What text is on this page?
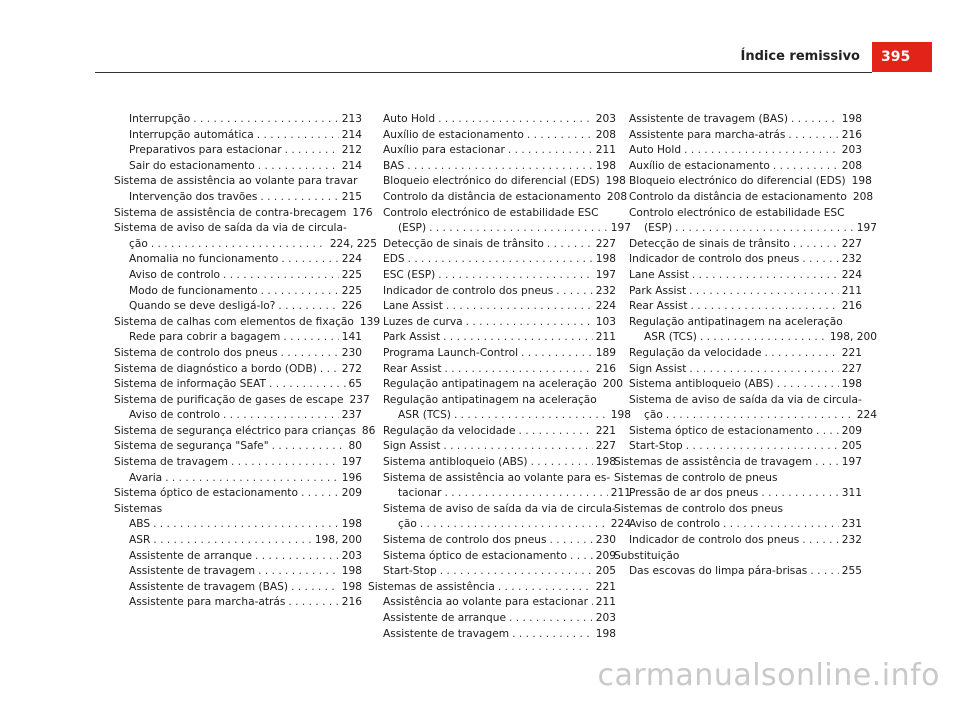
Índice remissivo	395
Interrupção . . .	213
Interrupção automática . . .	214
Preparativos para estacionar . . .	212
Sair do estacionamento . . .	214
Sistema de assistência ao volante para travar
Intervenção dos travões . . .	215
Sistema de assistência de contra-brecagem 176
Sistema de aviso de saída da via de circula-
ção . . .	224, 225
Anomalia no funcionamento . . .	224
Aviso de controlo . . .	225
Modo de funcionamento . . .	225
Quando se deve desligá-lo? . . .	226
Sistema de calhas com elementos de fixação 139
Rede para cobrir a bagagem . . .	141
Sistema de controlo dos pneus . . .	230
Sistema de diagnóstico a bordo (ODB) . . . 272
Sistema de informação SEAT . . .	65
Sistema de purificação de gases de escape 237
Aviso de controlo . . .	237
Sistema de segurança eléctrico para crianças 86
Sistema de segurança "Safe" . . .	80
Sistema de travagem . . .	197
Avaria . . .	196
Sistema óptico de estacionamento . . .	209
Sistemas
ABS . . .	198
ASR . . .	198, 200
Assistente de arranque . . .	203
Assistente de travagem . . .	198
Assistente de travagem (BAS) . . .	198
Assistente para marcha-atrás . . .	216
Auto Hold . . .	203
Auxílio de estacionamento . . .	208
Auxílio para estacionar . . .	211
BAS . . .	198
Bloqueio electrónico do diferencial (EDS) 198
Controlo da distância de estacionamento 208
Controlo electrónico de estabilidade ESC
(ESP) . . .	197
Detecção de sinais de trânsito . . .	227
EDS . . .	198
ESC (ESP) . . .	197
Indicador de controlo dos pneus . . .	232
Lane Assist . . .	224
Luzes de curva . . .	103
Park Assist . . .	211
Programa Launch-Control . . .	189
Rear Assist . . .	216
Regulação antipatinagem na aceleração 200
Regulação antipatinagem na aceleração
ASR (TCS) . . .	198
Regulação da velocidade . . .	221
Sign Assist . . .	227
Sistema antibloqueio (ABS) . . .	198
Sistema de assistência ao volante para es-
tacionar . . .	211
Sistema de aviso de saída da via de circula-
ção . . .	224
Sistema de controlo dos pneus . . .	230
Sistema óptico de estacionamento . . .	209
Start-Stop . . .	205
Sistemas de assistência . . .	221
Assistência ao volante para estacionar . . . 211
Assistente de arranque . . .	203
Assistente de travagem . . .	198
Assistente de travagem (BAS) . . .	198
Assistente para marcha-atrás . . .	216
Auto Hold . . .	203
Auxílio de estacionamento . . .	208
Bloqueio electrónico do diferencial (EDS) 198
Controlo da distância de estacionamento 208
Controlo electrónico de estabilidade ESC
(ESP) . . .	197
Detecção de sinais de trânsito . . .	227
Indicador de controlo dos pneus . . .	232
Lane Assist . . .	224
Park Assist . . .	211
Rear Assist . . .	216
Regulação antipatinagem na aceleração
ASR (TCS) . . .	198, 200
Regulação da velocidade . . .	221
Sign Assist . . .	227
Sistema antibloqueio (ABS) . . .	198
Sistema de aviso de saída da via de circula-
ção . . .	224
Sistema óptico de estacionamento . . .	209
Start-Stop . . .	205
Sistemas de assistência de travagem . . .	197
Sistemas de controlo de pneus
Pressão de ar dos pneus . . .	311
Sistemas de controlo dos pneus
Aviso de controlo . . .	231
Indicador de controlo dos pneus . . .	232
Substituição
Das escovas do limpa pára-brisas . . .	255
carmanualsonline.info
